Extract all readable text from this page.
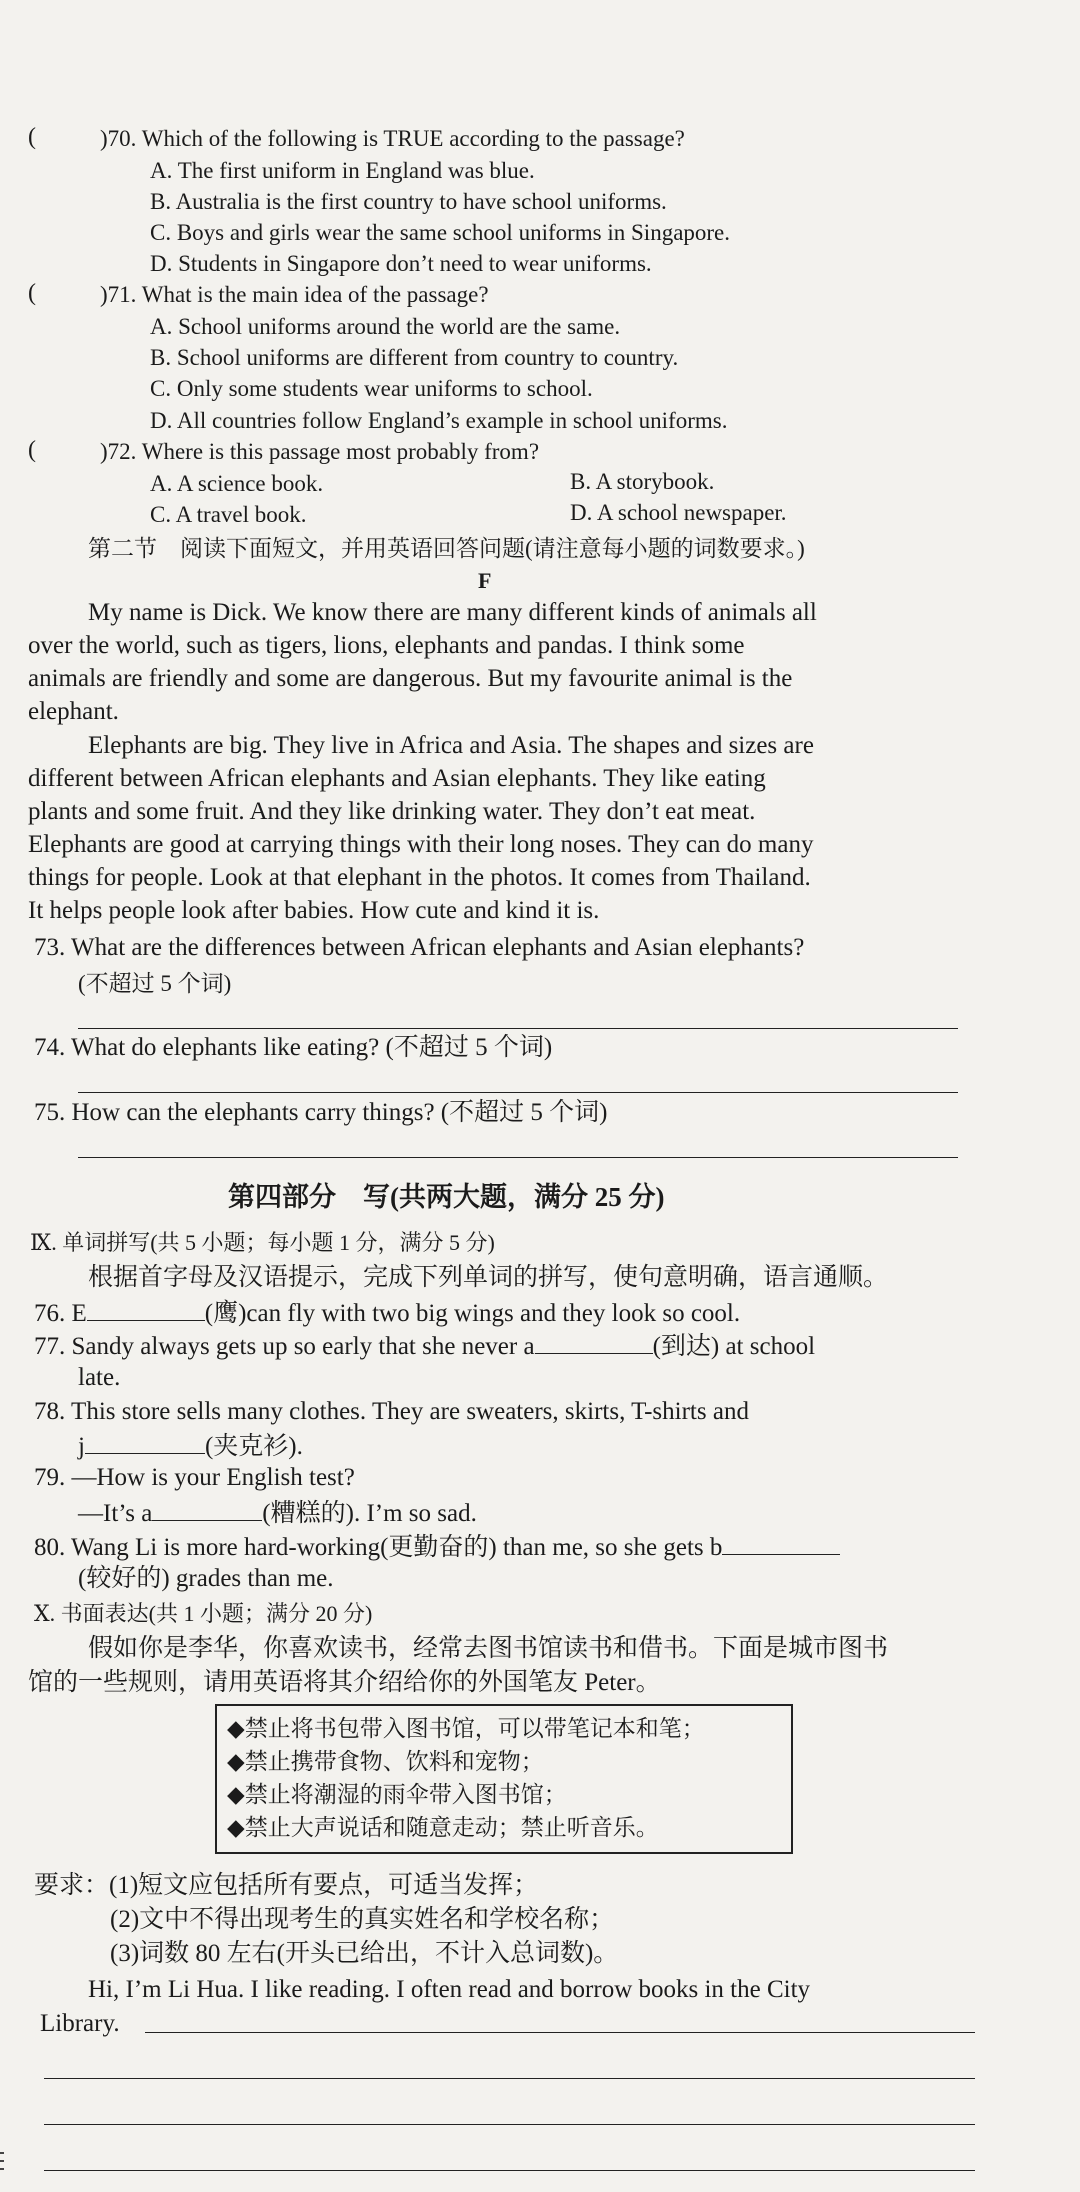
(	)70. Which of the following is TRUE according to the passage?
A. The first uniform in England was blue.
B. Australia is the first country to have school uniforms.
C. Boys and girls wear the same school uniforms in Singapore.
D. Students in Singapore don’t need to wear uniforms.
(	)71. What is the main idea of the passage?
A. School uniforms around the world are the same.
B. School uniforms are different from country to country.
C. Only some students wear uniforms to school.
D. All countries follow England’s example in school uniforms.
(	)72. Where is this passage most probably from?
A. A science book.	B. A storybook.
C. A travel book.	D. A school newspaper.
第二节　阅读下面短文，并用英语回答问题(请注意每小题的词数要求。)
F
My name is Dick. We know there are many different kinds of animals all
over the world, such as tigers, lions, elephants and pandas. I think some
animals are friendly and some are dangerous. But my favourite animal is the
elephant.
Elephants are big. They live in Africa and Asia. The shapes and sizes are
different between African elephants and Asian elephants. They like eating
plants and some fruit. And they like drinking water. They don’t eat meat.
Elephants are good at carrying things with their long noses. They can do many
things for people. Look at that elephant in the photos. It comes from Thailand.
It helps people look after babies. How cute and kind it is.
73. What are the differences between African elephants and Asian elephants?
(不超过 5 个词)
74. What do elephants like eating? (不超过 5 个词)
75. How can the elephants carry things? (不超过 5 个词)
第四部分　写(共两大题，满分 25 分)
Ⅸ. 单词拼写(共 5 小题；每小题 1 分，满分 5 分)
根据首字母及汉语提示，完成下列单词的拼写，使句意明确，语言通顺。
76. E	(鹰)can fly with two big wings and they look so cool.
77. Sandy always gets up so early that she never a	(到达) at school
late.
78. This store sells many clothes. They are sweaters, skirts, T-shirts and
j	(夹克衫).
79. —How is your English test?
—It’s a	(糟糕的). I’m so sad.
80. Wang Li is more hard-working(更勤奋的) than me, so she gets b
(较好的) grades than me.
Ⅹ. 书面表达(共 1 小题；满分 20 分)
假如你是李华，你喜欢读书，经常去图书馆读书和借书。下面是城市图书
馆的一些规则，请用英语将其介绍给你的外国笔友 Peter。
◆禁止将书包带入图书馆，可以带笔记本和笔；
◆禁止携带食物、饮料和宠物；
◆禁止将潮湿的雨伞带入图书馆；
◆禁止大声说话和随意走动；禁止听音乐。
要求：(1)短文应包括所有要点，可适当发挥；
(2)文中不得出现考生的真实姓名和学校名称；
(3)词数 80 左右(开头已给出，不计入总词数)。
Hi, I’m Li Hua. I like reading. I often read and borrow books in the City
Library.
